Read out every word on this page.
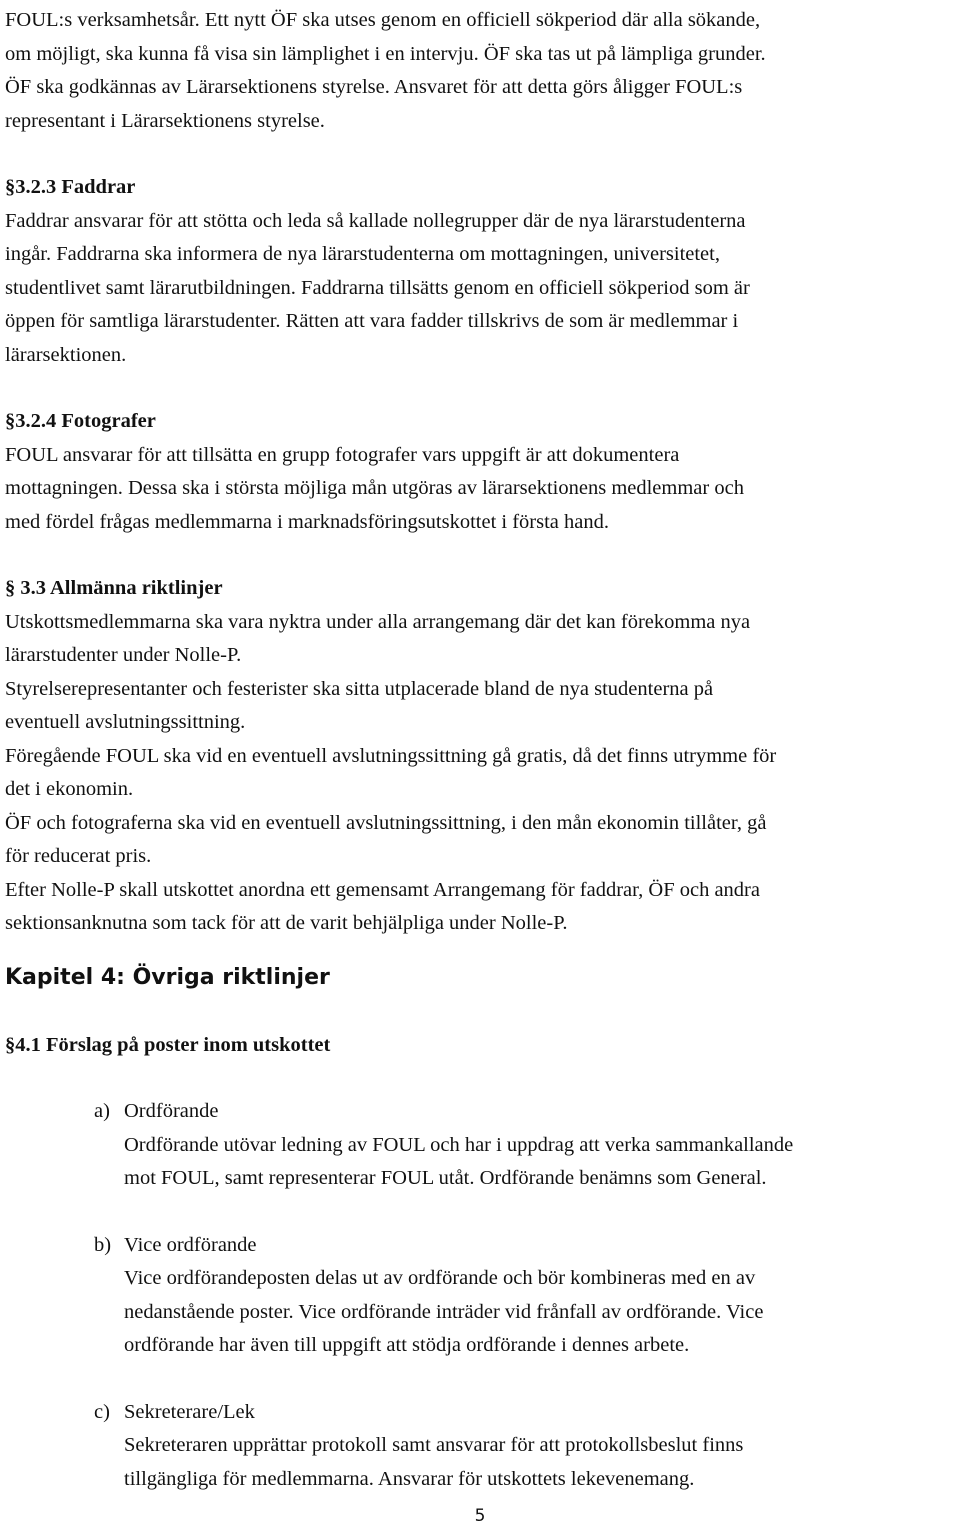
FOUL:s verksamhetsår. Ett nytt ÖF ska utses genom en officiell sökperiod där alla sökande,

om möjligt, ska kunna få visa sin lämplighet i en intervju. ÖF ska tas ut på lämpliga grunder.

ÖF ska godkännas av Lärarsektionens styrelse. Ansvaret för att detta görs åligger FOUL:s

representant i Lärarsektionens styrelse.

§3.2.3 Faddrar

Faddrar ansvarar för att stötta och leda så kallade nollegrupper där de nya lärarstudenterna

ingår. Faddrarna ska informera de nya lärarstudenterna om mottagningen, universitetet,

studentlivet samt lärarutbildningen. Faddrarna tillsätts genom en officiell sökperiod som är

öppen för samtliga lärarstudenter. Rätten att vara fadder tillskrivs de som är medlemmar i

lärarsektionen.

§3.2.4 Fotografer

FOUL ansvarar för att tillsätta en grupp fotografer vars uppgift är att dokumentera

mottagningen. Dessa ska i största möjliga mån utgöras av lärarsektionens medlemmar och

med fördel frågas medlemmarna i marknadsföringsutskottet i första hand.

§ 3.3 Allmänna riktlinjer

Utskottsmedlemmarna ska vara nyktra under alla arrangemang där det kan förekomma nya

lärarstudenter under Nolle-P.

Styrelserepresentanter och festerister ska sitta utplacerade bland de nya studenterna på

eventuell avslutningssittning.

Föregående FOUL ska vid en eventuell avslutningssittning gå gratis, då det finns utrymme för

det i ekonomin.

ÖF och fotograferna ska vid en eventuell avslutningssittning, i den mån ekonomin tillåter, gå

för reducerat pris.

Efter Nolle-P skall utskottet anordna ett gemensamt Arrangemang för faddrar, ÖF och andra

sektionsanknutna som tack för att de varit behjälpliga under Nolle-P.

Kapitel 4: Övriga riktlinjer

§4.1 Förslag på poster inom utskottet

a) Ordförande

Ordförande utövar ledning av FOUL och har i uppdrag att verka sammankallande

mot FOUL, samt representerar FOUL utåt. Ordförande benämns som General.

b) Vice ordförande

Vice ordförandeposten delas ut av ordförande och bör kombineras med en av

nedanstående poster. Vice ordförande inträder vid frånfall av ordförande. Vice

ordförande har även till uppgift att stödja ordförande i dennes arbete.

c) Sekreterare/Lek

Sekreteraren upprättar protokoll samt ansvarar för att protokollsbeslut finns

tillgängliga för medlemmarna. Ansvarar för utskottets lekevenemang.

5
